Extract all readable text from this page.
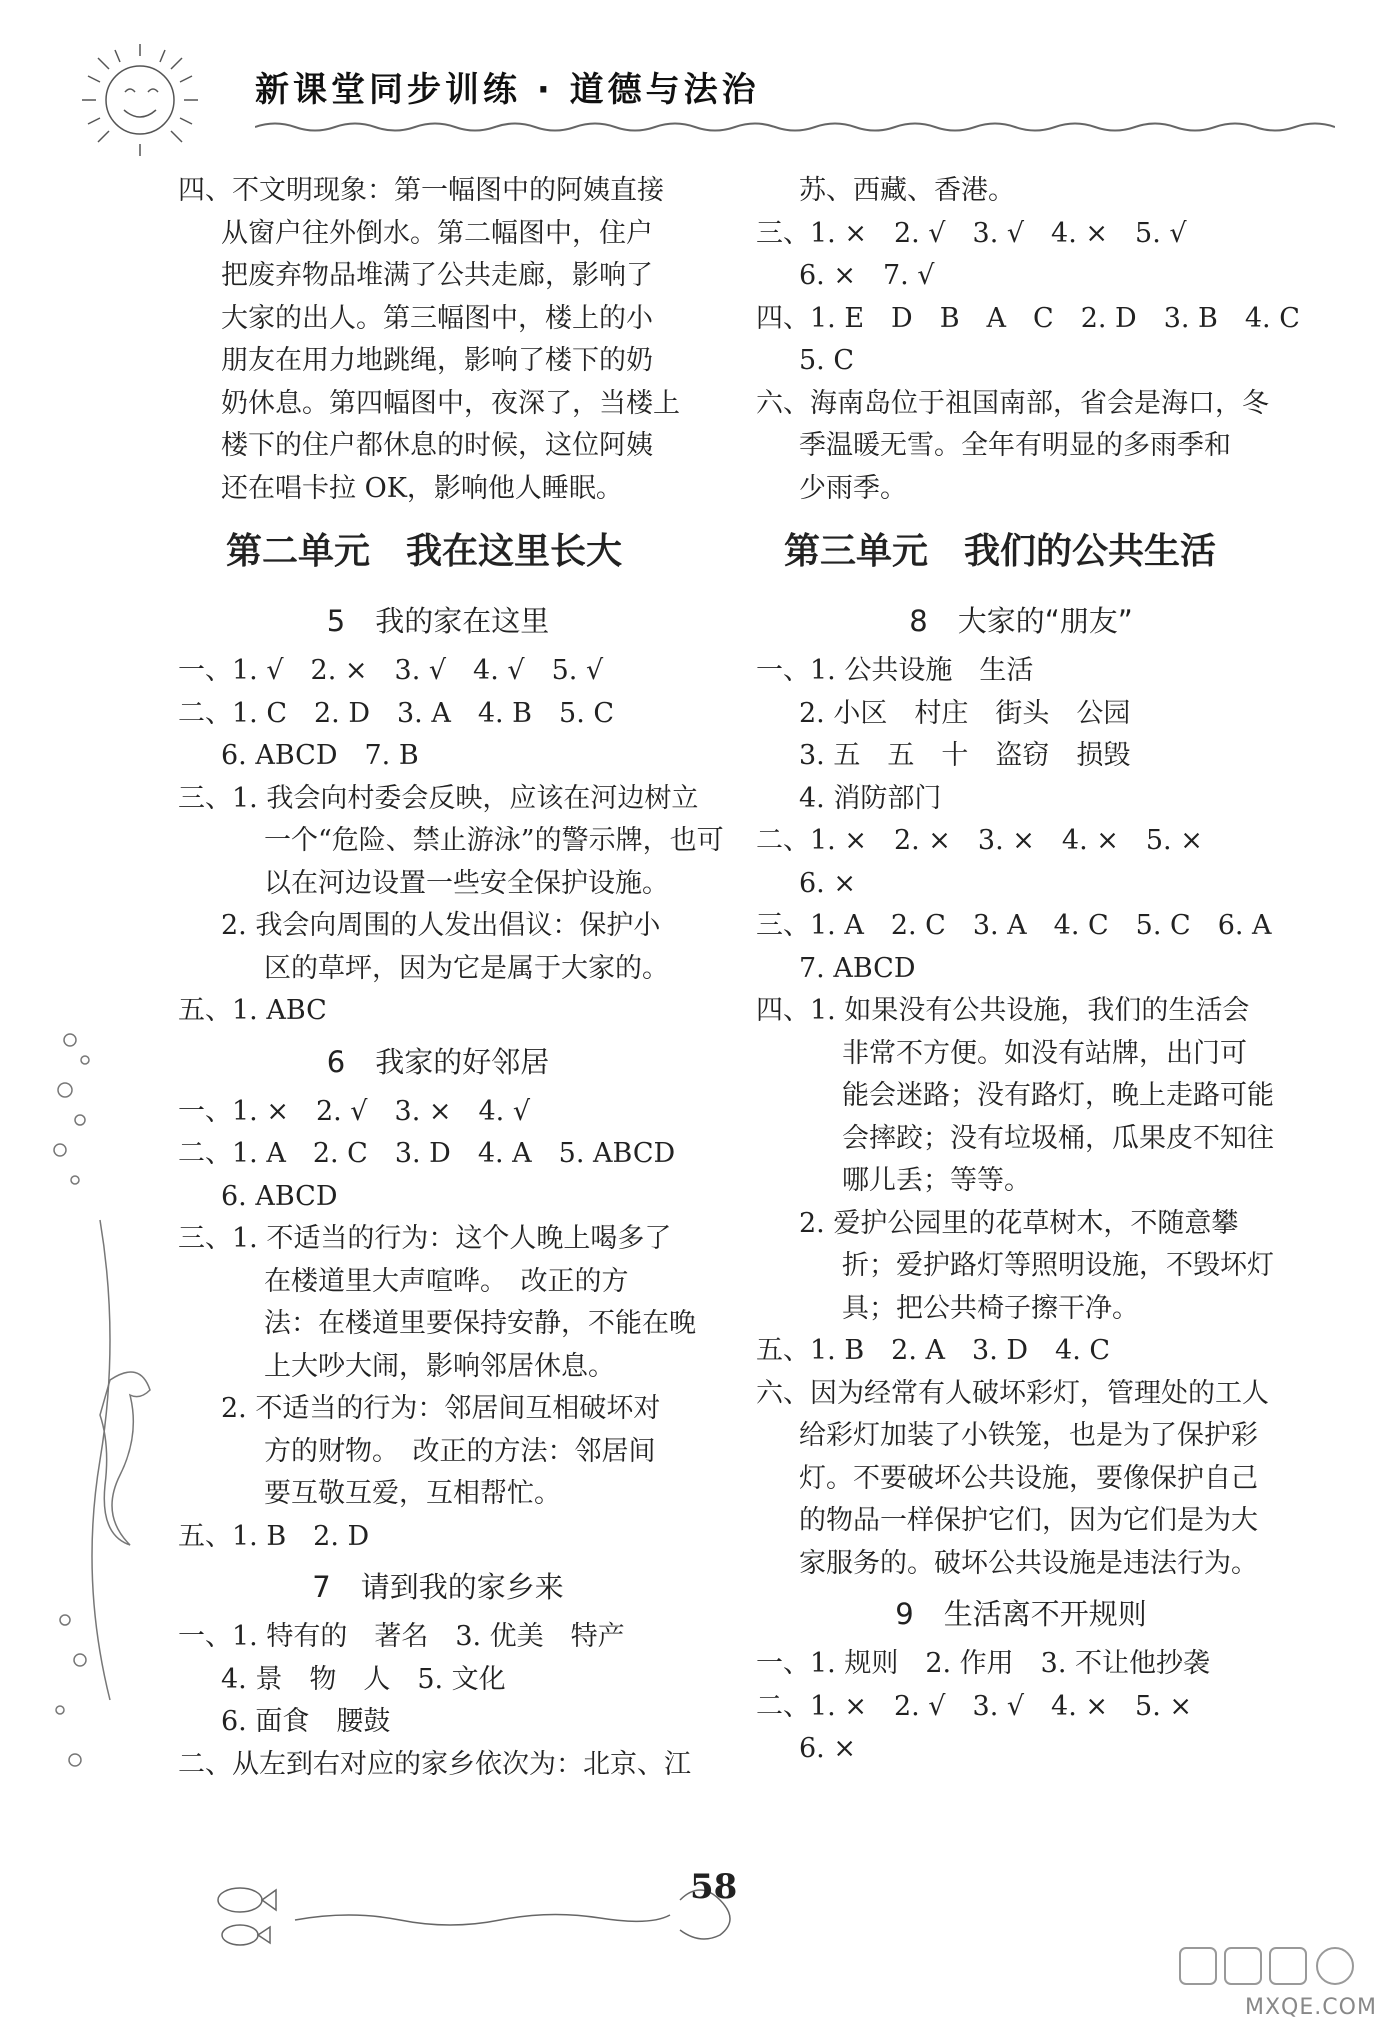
新课堂同步训练 · 道德与法治
四、不文明现象：第一幅图中的阿姨直接
从窗户往外倒水。第二幅图中，住户
把废弃物品堆满了公共走廊，影响了
大家的出人。第三幅图中，楼上的小
朋友在用力地跳绳，影响了楼下的奶
奶休息。第四幅图中，夜深了，当楼上
楼下的住户都休息的时候，这位阿姨
还在唱卡拉 OK，影响他人睡眠。
第二单元　我在这里长大
5 我的家在这里
一、1. √　2. ×　3. √　4. √　5. √
二、1. C　2. D　3. A　4. B　5. C
6. ABCD　7. B
三、1. 我会向村委会反映，应该在河边树立
一个“危险、禁止游泳”的警示牌，也可
以在河边设置一些安全保护设施。
2. 我会向周围的人发出倡议：保护小
区的草坪，因为它是属于大家的。
五、1. ABC
6 我家的好邻居
一、1. ×　2. √　3. ×　4. √
二、1. A　2. C　3. D　4. A　5. ABCD
6. ABCD
三、1. 不适当的行为：这个人晚上喝多了
在楼道里大声喧哗。　改正的方
法：在楼道里要保持安静，不能在晚
上大吵大闹，影响邻居休息。
2. 不适当的行为：邻居间互相破坏对
方的财物。　改正的方法：邻居间
要互敬互爱，互相帮忙。
五、1. B　2. D
7 请到我的家乡来
一、1. 特有的　著名　3. 优美　特产
4. 景　物　人　5. 文化
6. 面食　腰鼓
二、从左到右对应的家乡依次为：北京、江
苏、西藏、香港。
三、1. ×　2. √　3. √　4. ×　5. √
6. ×　7. √
四、1. E　D　B　A　C　2. D　3. B　4. C
5. C
六、海南岛位于祖国南部，省会是海口，冬
季温暖无雪。全年有明显的多雨季和
少雨季。
第三单元　我们的公共生活
8 大家的“朋友”
一、1. 公共设施　生活
2. 小区　村庄　街头　公园
3. 五　五　十　盗窃　损毁
4. 消防部门
二、1. ×　2. ×　3. ×　4. ×　5. ×
6. ×
三、1. A　2. C　3. A　4. C　5. C　6. A
7. ABCD
四、1. 如果没有公共设施，我们的生活会
非常不方便。如没有站牌，出门可
能会迷路；没有路灯，晚上走路可能
会摔跤；没有垃圾桶，瓜果皮不知往
哪儿丢；等等。
2. 爱护公园里的花草树木，不随意攀
折；爱护路灯等照明设施，不毁坏灯
具；把公共椅子擦干净。
五、1. B　2. A　3. D　4. C
六、因为经常有人破坏彩灯，管理处的工人
给彩灯加装了小铁笼，也是为了保护彩
灯。不要破坏公共设施，要像保护自己
的物品一样保护它们，因为它们是为大
家服务的。破坏公共设施是违法行为。
9 生活离不开规则
一、1. 规则　2. 作用　3. 不让他抄袭
二、1. ×　2. √　3. √　4. ×　5. ×
6. ×
58
MXQE.COM
